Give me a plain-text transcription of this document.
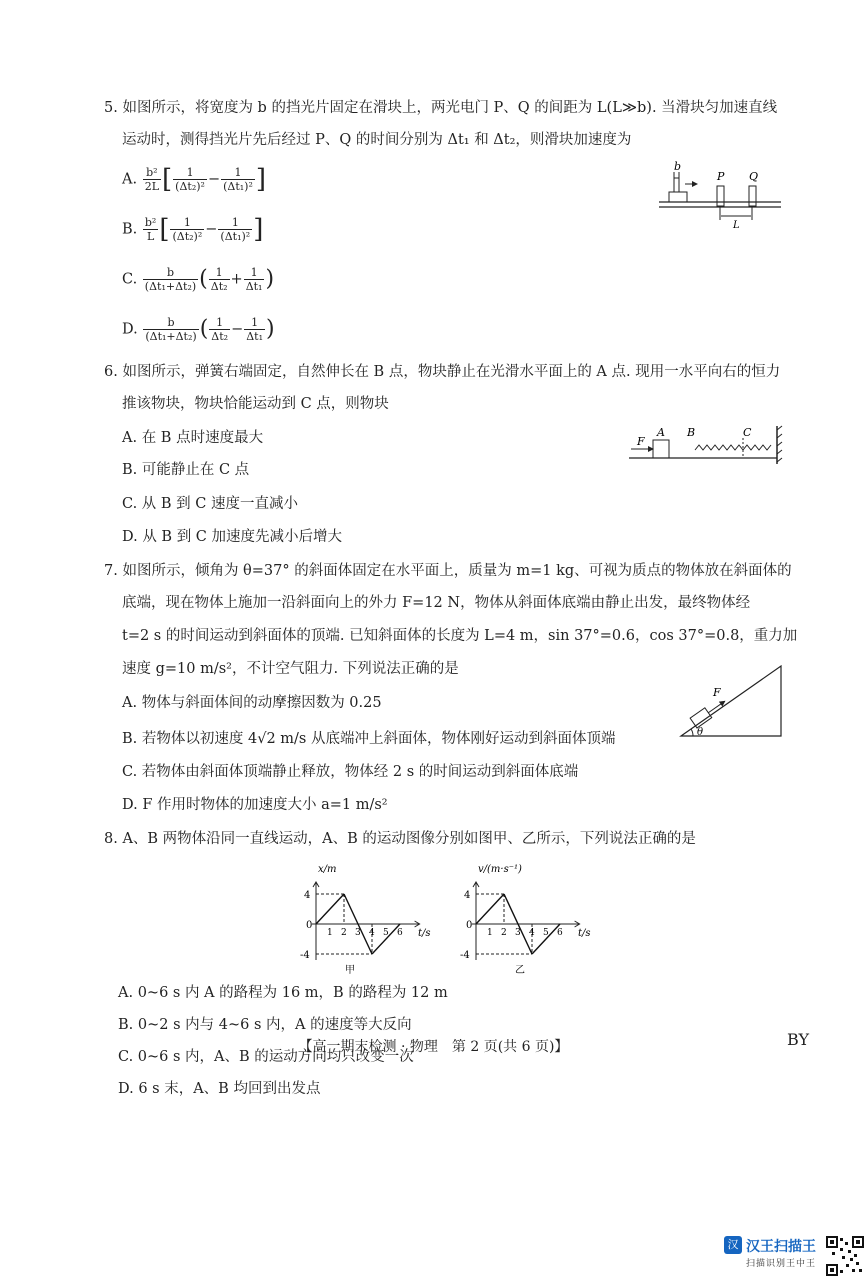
5. 如图所示，将宽度为 b 的挡光片固定在滑块上，两光电门 P、Q 的间距为 L(L≫b). 当滑块匀加速直线
运动时，测得挡光片先后经过 P、Q 的时间分别为 Δt₁ 和 Δt₂，则滑块加速度为
A. $\frac{\text{b²}}{2L}$ [ $\frac{1}{\text{(Δt₂)²}} - \frac{1}{\text{(Δt₁)²}}$ ]
B. $\frac{\text{b²}}{L}$ [ $\frac{1}{\text{(Δt₂)²}} - \frac{1}{\text{(Δt₁)²}}$ ]
C. $\frac{b}{\text{(Δt₁+Δt₂)}}$ ( $\frac{1}{\text{Δt₂}} + \frac{1}{\text{Δt₁}}$ )
D. $\frac{b}{\text{(Δt₁+Δt₂)}}$ ( $\frac{1}{\text{Δt₂}} - \frac{1}{\text{Δt₁}}$ )
b
P Q
L
6. 如图所示，弹簧右端固定，自然伸长在 B 点，物块静止在光滑水平面上的 A 点. 现用一水平向右的恒力
推该物块，物块恰能运动到 C 点，则物块
A. 在 B 点时速度最大
B. 可能静止在 C 点
C. 从 B 到 C 速度一直减小
D. 从 B 到 C 加速度先减小后增大
F
A B	C
7. 如图所示，倾角为 θ=37° 的斜面体固定在水平面上，质量为 m=1 kg、可视为质点的物体放在斜面体的
底端，现在物体上施加一沿斜面向上的外力 F=12 N，物体从斜面体底端由静止出发，最终物体经
t=2 s 的时间运动到斜面体的顶端. 已知斜面体的长度为 L=4 m，sin 37°=0.6，cos 37°=0.8，重力加
速度 g=10 m/s²，不计空气阻力. 下列说法正确的是
A. 物体与斜面体间的动摩擦因数为 0.25
B. 若物体以初速度 4√2 m/s 从底端冲上斜面体，物体刚好运动到斜面体顶端
C. 若物体由斜面体顶端静止释放，物体经 2 s 的时间运动到斜面体底端
D. F 作用时物体的加速度大小 a=1 m/s²
F
θ
8. A、B 两物体沿同一直线运动，A、B 的运动图像分别如图甲、乙所示，下列说法正确的是
x/m
t/s
甲
4
0
-4
1 2 3 4 5 6
v/(m·s⁻¹)
t/s
乙
4
0
-4
1 2 3 4 5 6
A. 0~6 s 内 A 的路程为 16 m，B 的路程为 12 m
B. 0~2 s 内与 4~6 s 内，A 的速度等大反向
C. 0~6 s 内，A、B 的运动方向均只改变一次
D. 6 s 末，A、B 均回到出发点
【高一期末检测 · 物理　第 2 页(共 6 页)】	BY
汉 汉王扫描王
扫描识别王中王
